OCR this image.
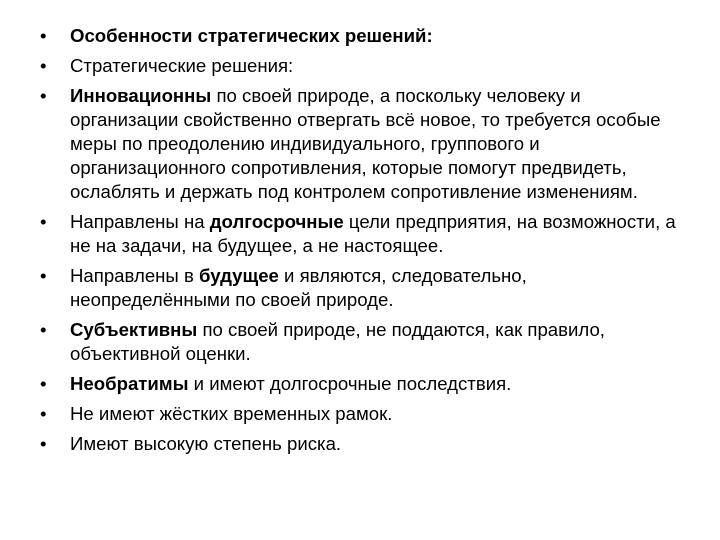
•	Особенности стратегических решений:
•	Стратегические решения:
•	Инновационны по своей природе, а поскольку человеку и организации свойственно отвергать всё новое, то требуется особые меры по преодолению индивидуального, группового и организационного сопротивления, которые помогут предвидеть, ослаблять и держать под контролем сопротивление изменениям.
•	Направлены на долгосрочные цели предприятия, на возможности, а не на задачи, на будущее, а не настоящее.
•	Направлены в будущее и являются, следовательно, неопределёнными по своей природе.
•	Субъективны по своей природе, не поддаются, как правило, объективной оценки.
•	Необратимы и имеют долгосрочные последствия.
•	Не имеют жёстких временных рамок.
•	Имеют высокую степень риска.
